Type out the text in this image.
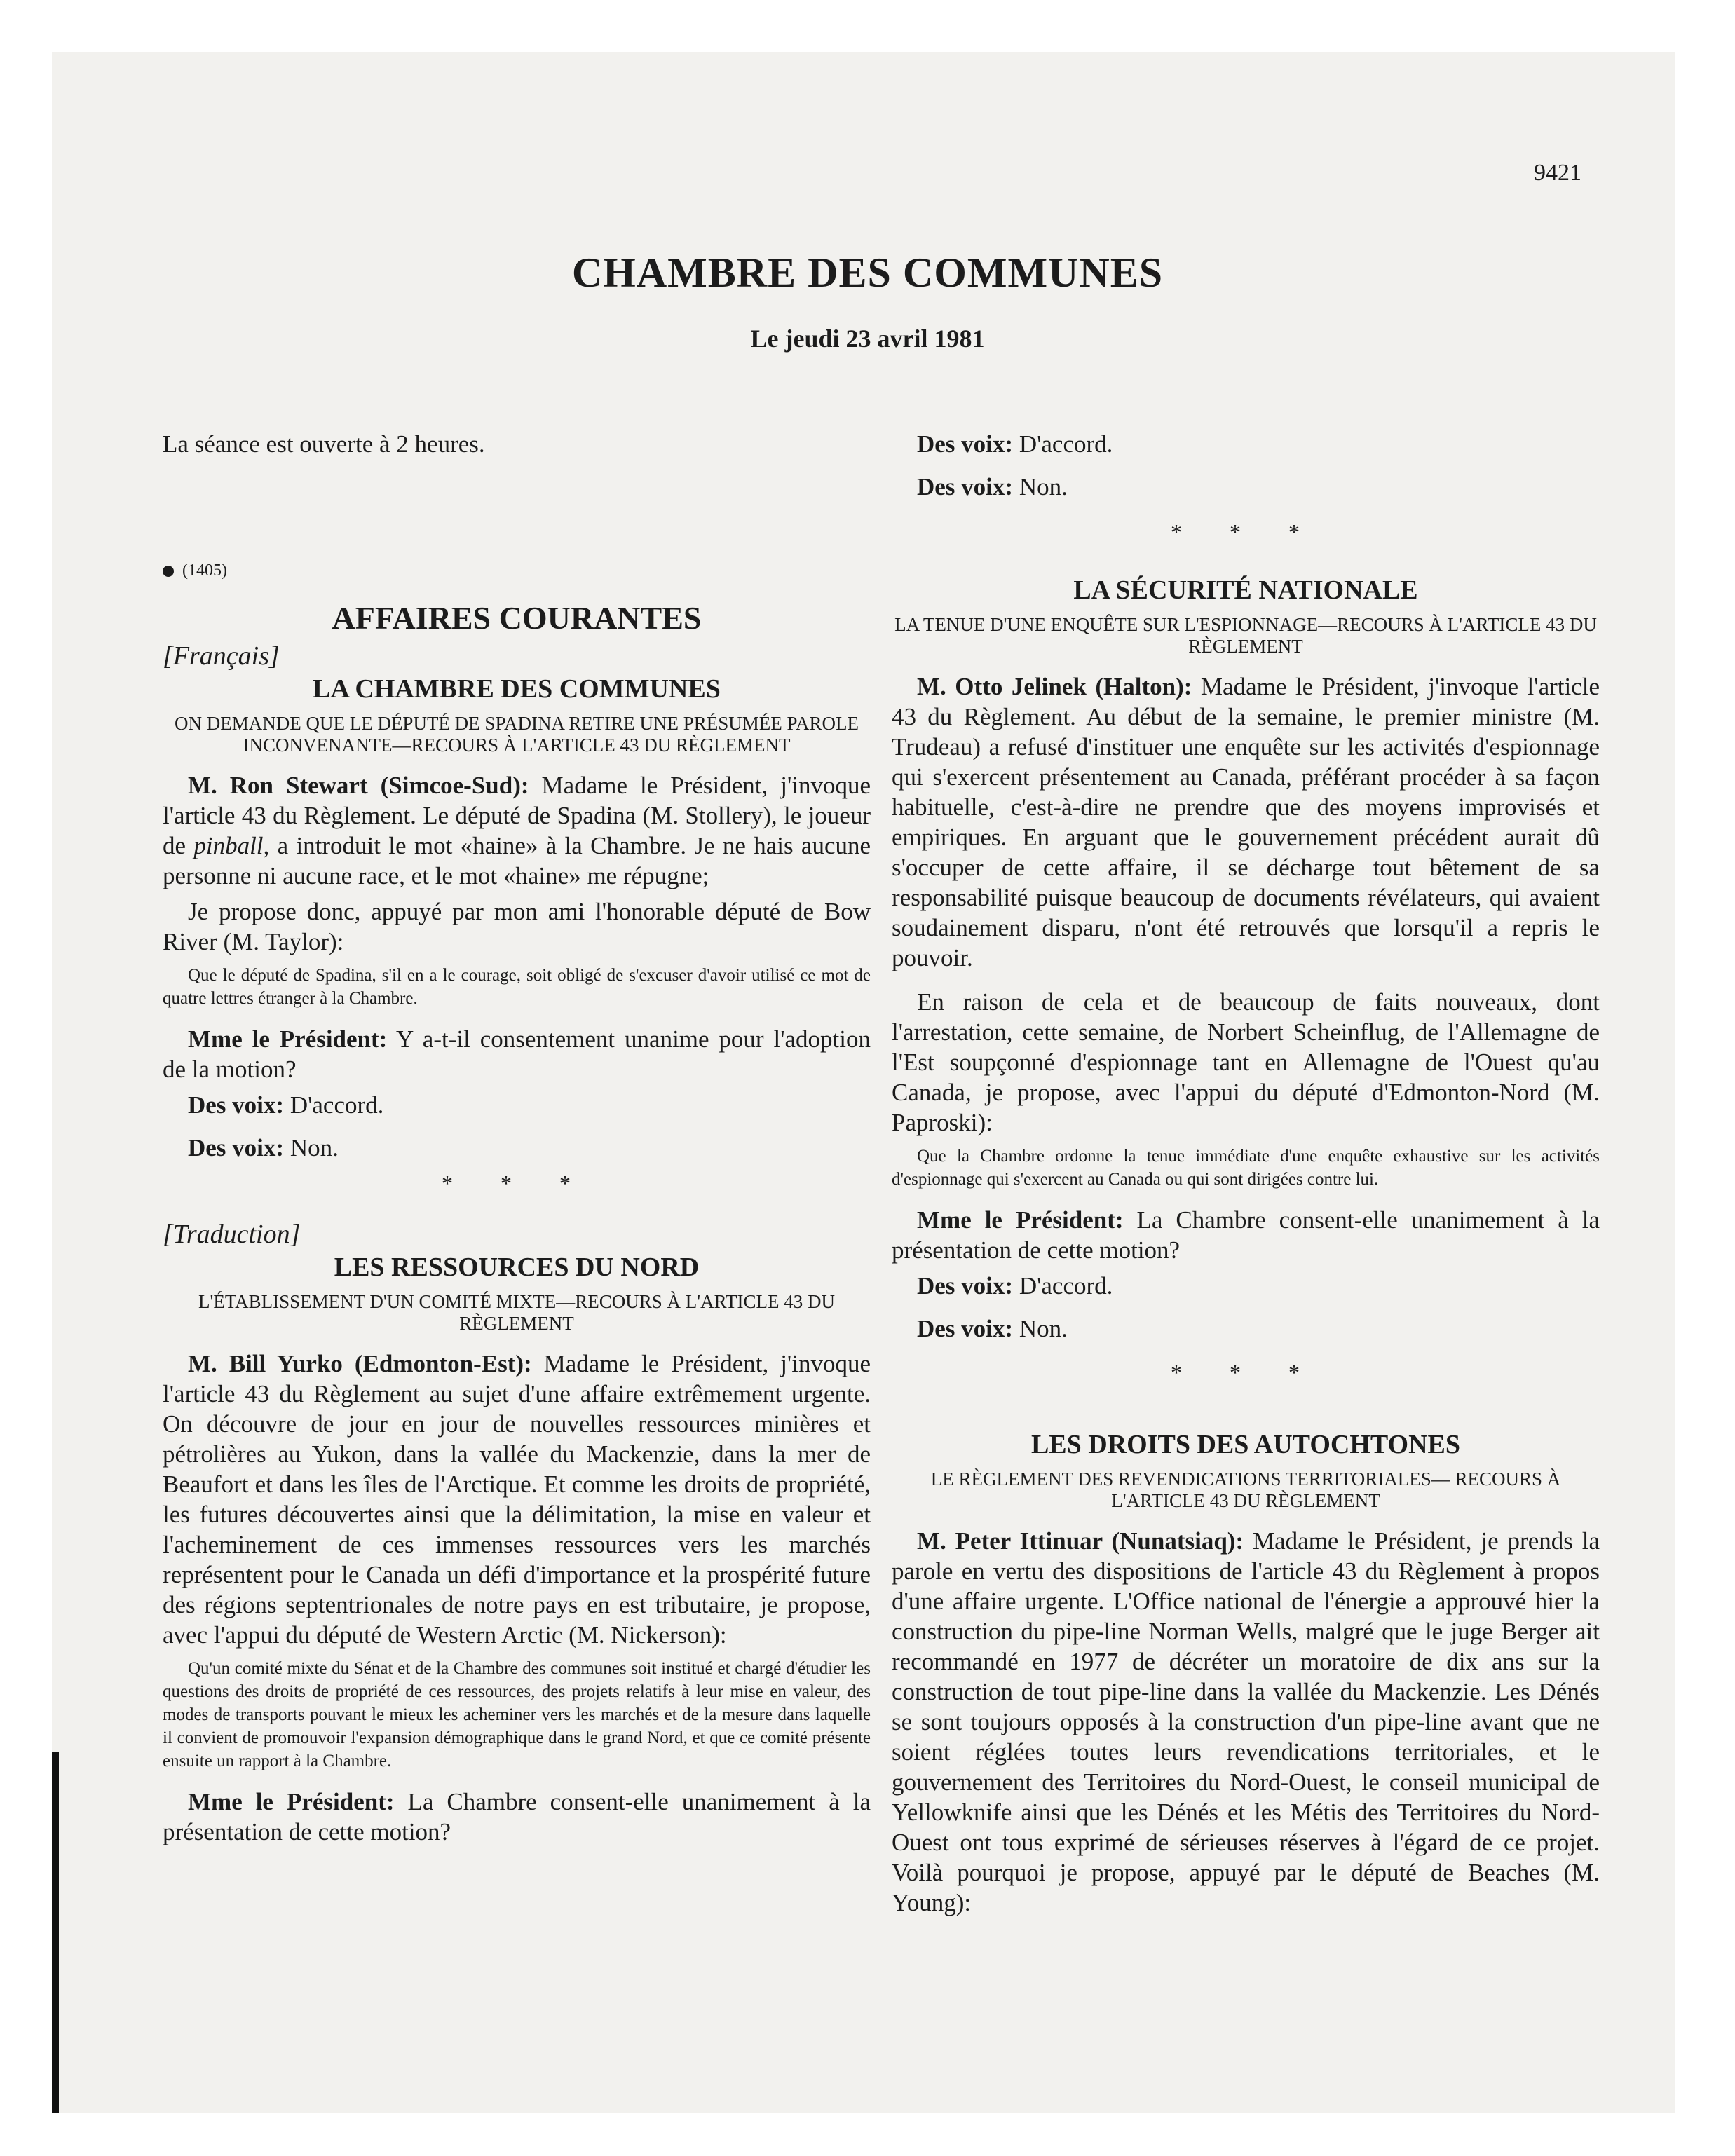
9421
CHAMBRE DES COMMUNES
Le jeudi 23 avril 1981

La séance est ouverte à 2 heures.

(1405)
AFFAIRES COURANTES
[Français]
LA CHAMBRE DES COMMUNES
ON DEMANDE QUE LE DÉPUTÉ DE SPADINA RETIRE UNE PRÉSUMÉE PAROLE INCONVENANTE—RECOURS À L'ARTICLE 43 DU RÈGLEMENT

M. Ron Stewart (Simcoe-Sud): Madame le Président, j'invoque l'article 43 du Règlement. Le député de Spadina (M. Stollery), le joueur de pinball, a introduit le mot «haine» à la Chambre. Je ne hais aucune personne ni aucune race, et le mot «haine» me répugne;

Je propose donc, appuyé par mon ami l'honorable député de Bow River (M. Taylor):

Que le député de Spadina, s'il en a le courage, soit obligé de s'excuser d'avoir utilisé ce mot de quatre lettres étranger à la Chambre.

Mme le Président: Y a-t-il consentement unanime pour l'adoption de la motion?

Des voix: D'accord.

Des voix: Non.

* * *
[Traduction]
LES RESSOURCES DU NORD
L'ÉTABLISSEMENT D'UN COMITÉ MIXTE—RECOURS À L'ARTICLE 43 DU RÈGLEMENT

M. Bill Yurko (Edmonton-Est): Madame le Président, j'invoque l'article 43 du Règlement au sujet d'une affaire extrêmement urgente. On découvre de jour en jour de nouvelles ressources minières et pétrolières au Yukon, dans la vallée du Mackenzie, dans la mer de Beaufort et dans les îles de l'Arctique. Et comme les droits de propriété, les futures découvertes ainsi que la délimitation, la mise en valeur et l'acheminement de ces immenses ressources vers les marchés représentent pour le Canada un défi d'importance et la prospérité future des régions septentrionales de notre pays en est tributaire, je propose, avec l'appui du député de Western Arctic (M. Nickerson):

Qu'un comité mixte du Sénat et de la Chambre des communes soit institué et chargé d'étudier les questions des droits de propriété de ces ressources, des projets relatifs à leur mise en valeur, des modes de transports pouvant le mieux les acheminer vers les marchés et de la mesure dans laquelle il convient de promouvoir l'expansion démographique dans le grand Nord, et que ce comité présente ensuite un rapport à la Chambre.

Mme le Président: La Chambre consent-elle unanimement à la présentation de cette motion?

Des voix: D'accord.

Des voix: Non.

* * *
LA SÉCURITÉ NATIONALE
LA TENUE D'UNE ENQUÊTE SUR L'ESPIONNAGE—RECOURS À L'ARTICLE 43 DU RÈGLEMENT

M. Otto Jelinek (Halton): Madame le Président, j'invoque l'article 43 du Règlement. Au début de la semaine, le premier ministre (M. Trudeau) a refusé d'instituer une enquête sur les activités d'espionnage qui s'exercent présentement au Canada, préférant procéder à sa façon habituelle, c'est-à-dire ne prendre que des moyens improvisés et empiriques. En arguant que le gouvernement précédent aurait dû s'occuper de cette affaire, il se décharge tout bêtement de sa responsabilité puisque beaucoup de documents révélateurs, qui avaient soudainement disparu, n'ont été retrouvés que lorsqu'il a repris le pouvoir.

En raison de cela et de beaucoup de faits nouveaux, dont l'arrestation, cette semaine, de Norbert Scheinflug, de l'Allemagne de l'Est soupçonné d'espionnage tant en Allemagne de l'Ouest qu'au Canada, je propose, avec l'appui du député d'Edmonton-Nord (M. Paproski):

Que la Chambre ordonne la tenue immédiate d'une enquête exhaustive sur les activités d'espionnage qui s'exercent au Canada ou qui sont dirigées contre lui.

Mme le Président: La Chambre consent-elle unanimement à la présentation de cette motion?

Des voix: D'accord.

Des voix: Non.

* * *
LES DROITS DES AUTOCHTONES
LE RÈGLEMENT DES REVENDICATIONS TERRITORIALES— RECOURS À L'ARTICLE 43 DU RÈGLEMENT

M. Peter Ittinuar (Nunatsiaq): Madame le Président, je prends la parole en vertu des dispositions de l'article 43 du Règlement à propos d'une affaire urgente. L'Office national de l'énergie a approuvé hier la construction du pipe-line Norman Wells, malgré que le juge Berger ait recommandé en 1977 de décréter un moratoire de dix ans sur la construction de tout pipe-line dans la vallée du Mackenzie. Les Dénés se sont toujours opposés à la construction d'un pipe-line avant que ne soient réglées toutes leurs revendications territoriales, et le gouvernement des Territoires du Nord-Ouest, le conseil municipal de Yellowknife ainsi que les Dénés et les Métis des Territoires du Nord-Ouest ont tous exprimé de sérieuses réserves à l'égard de ce projet. Voilà pourquoi je propose, appuyé par le député de Beaches (M. Young):
